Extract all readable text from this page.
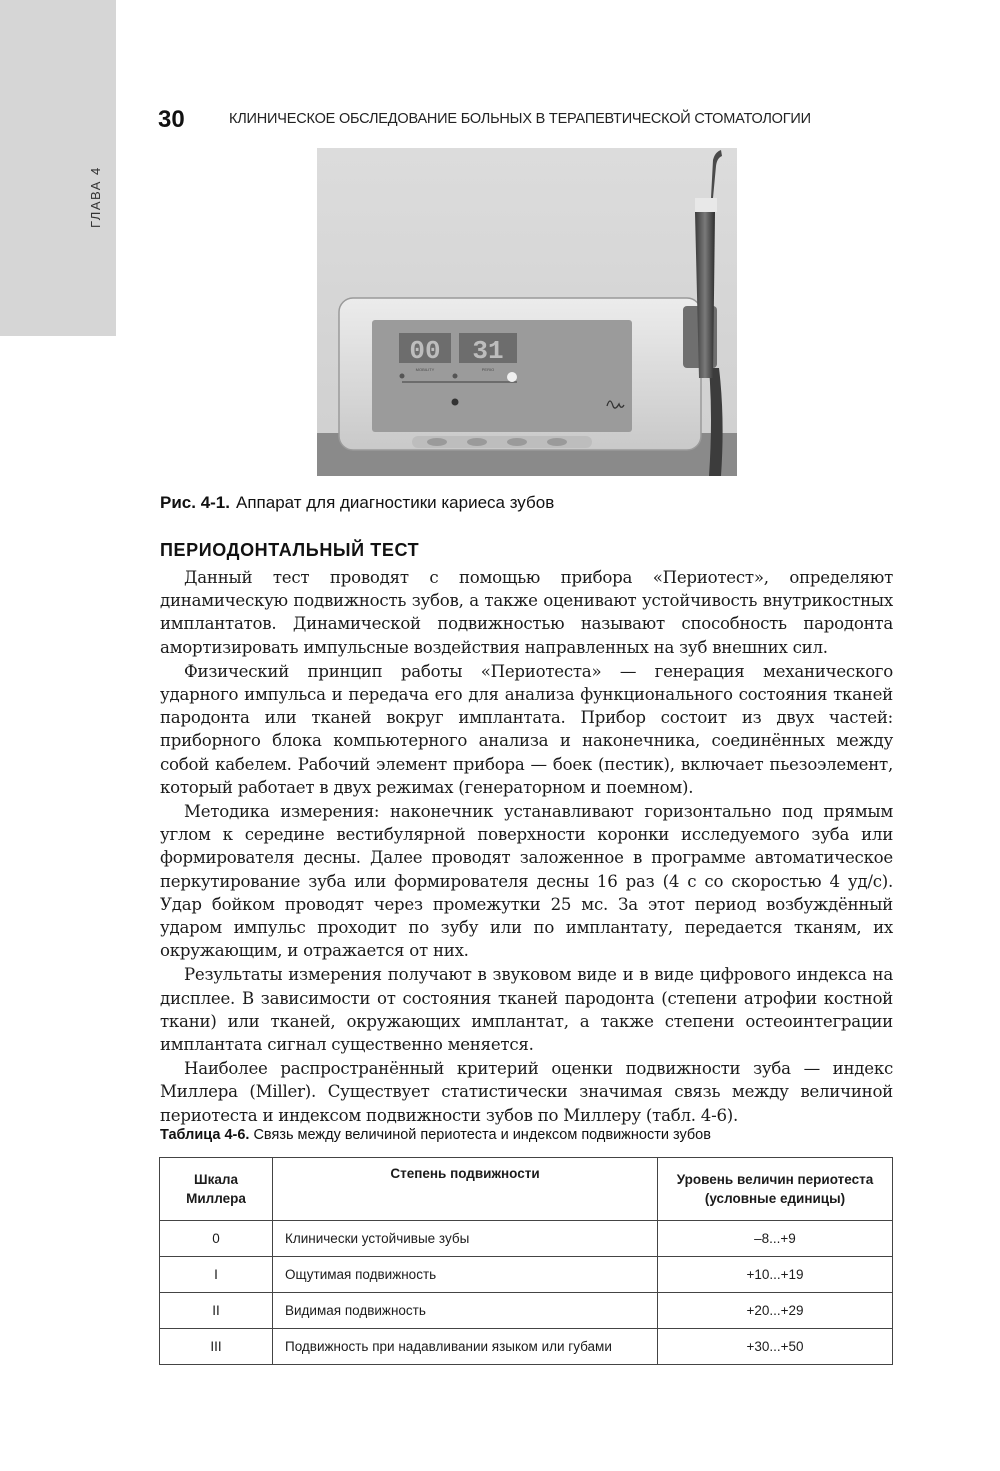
ГЛАВА 4
30	КЛИНИЧЕСКОЕ ОБСЛЕДОВАНИЕ БОЛЬНЫХ В ТЕРАПЕВТИЧЕСКОЙ СТОМАТОЛОГИИ
00 31
MOBILITY	PERIO
Рис. 4-1. Аппарат для диагностики кариеса зубов
ПЕРИОДОНТАЛЬНЫЙ ТЕСТ

Данный тест проводят с помощью прибора «Периотест», определяют динамическую подвижность зубов, а также оценивают устойчивость внутрикостных имплантатов. Динамической подвижностью называют способность пародонта амортизировать импульсные воздействия направленных на зуб внешних сил.

Физический принцип работы «Периотеста» — генерация механического ударного импульса и передача его для анализа функционального состояния тканей пародонта или тканей вокруг имплантата. Прибор состоит из двух частей: приборного блока компьютерного анализа и наконечника, соединённых между собой кабелем. Рабочий элемент прибора — боек (пестик), включает пьезоэлемент, который работает в двух режимах (генераторном и поемном).

Методика измерения: наконечник устанавливают горизонтально под прямым углом к середине вестибулярной поверхности коронки исследуемого зуба или формирователя десны. Далее проводят заложенное в программе автоматическое перкутирование зуба или формирователя десны 16 раз (4 с со скоростью 4 уд/с). Удар бойком проводят через промежутки 25 мс. За этот период возбуждённый ударом импульс проходит по зубу или по имплантату, передается тканям, их окружающим, и отражается от них.

Результаты измерения получают в звуковом виде и в виде цифрового индекса на дисплее. В зависимости от состояния тканей пародонта (степени атрофии костной ткани) или тканей, окружающих имплантат, а также степени остеоинтеграции имплантата сигнал существенно меняется.

Наиболее распространённый критерий оценки подвижности зуба — индекс Миллера (Miller). Существует статистически значимая связь между величиной периотеста и индексом подвижности зубов по Миллеру (табл. 4-6).

Таблица 4-6. Связь между величиной периотеста и индексом подвижности зубов
Шкала
Миллера	Степень подвижности	Уровень величин периотеста
(условные единицы)

0	Клинически устойчивые зубы	–8...+9
I	Ощутимая подвижность	+10...+19
II	Видимая подвижность	+20...+29
III	Подвижность при надавливании языком или губами	+30...+50
